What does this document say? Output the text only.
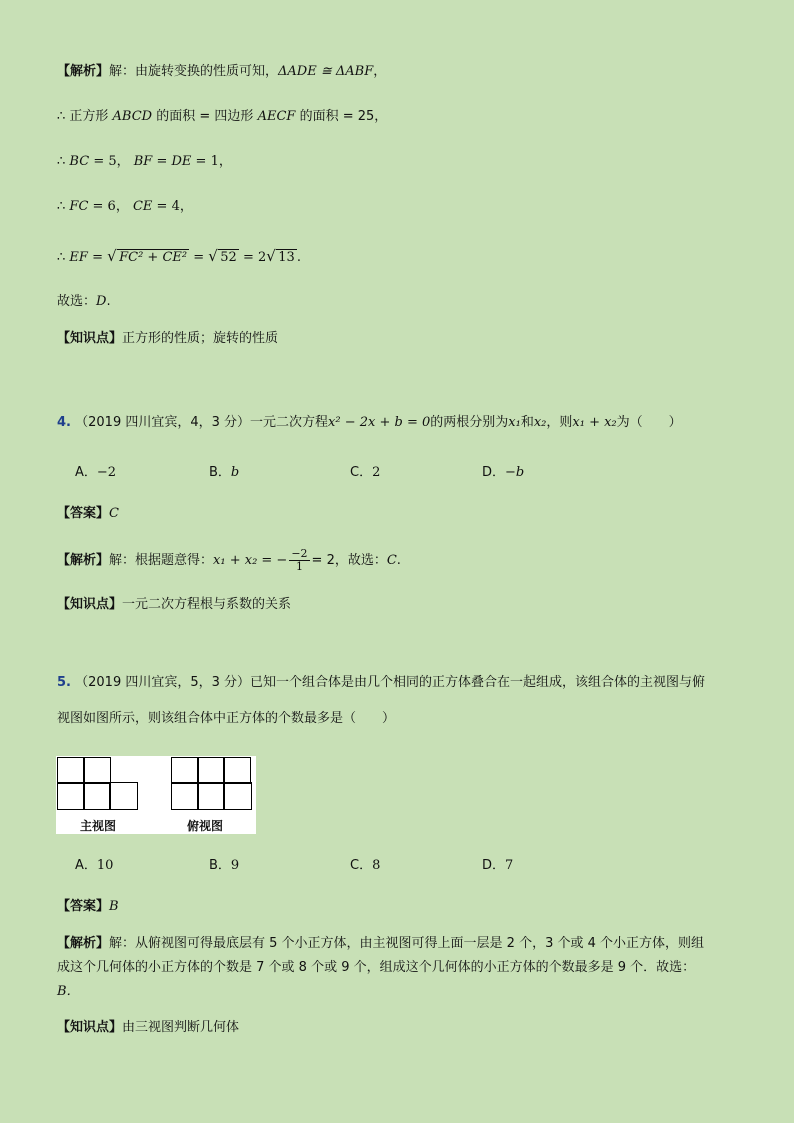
【解析】解：由旋转变换的性质可知，ΔADE ≅ ΔABF，
∴ 正方形 ABCD 的面积 = 四边形 AECF 的面积 = 25，
∴ BC = 5， BF = DE = 1，
∴ FC = 6， CE = 4，
∴ EF = √ FC² + CE² = √ 52 = 2 √ 13 .
故选：D.
【知识点】正方形的性质；旋转的性质
4. （2019 四川宜宾，4，3 分）一元二次方程x² − 2x + b = 0的两根分别为x₁和x₂，则x₁ + x₂为（　　）
A．−2	B．b	C．2	D．−b
【答案】C
【解析】解：根据题意得：x₁ + x₂ = − $\frac{-2}{1} = 2$，故选：C.
【知识点】一元二次方程根与系数的关系
5. （2019 四川宜宾，5，3 分）已知一个组合体是由几个相同的正方体叠合在一起组成，该组合体的主视图与俯
视图如图所示，则该组合体中正方体的个数最多是（　　）
主视图	俯视图
A．10	B．9	C．8	D．7
【答案】B
【解析】解：从俯视图可得最底层有 5 个小正方体，由主视图可得上面一层是 2 个，3 个或 4 个小正方体，则组
成这个几何体的小正方体的个数是 7 个或 8 个或 9 个，组成这个几何体的小正方体的个数最多是 9 个．故选：
B．
【知识点】由三视图判断几何体
